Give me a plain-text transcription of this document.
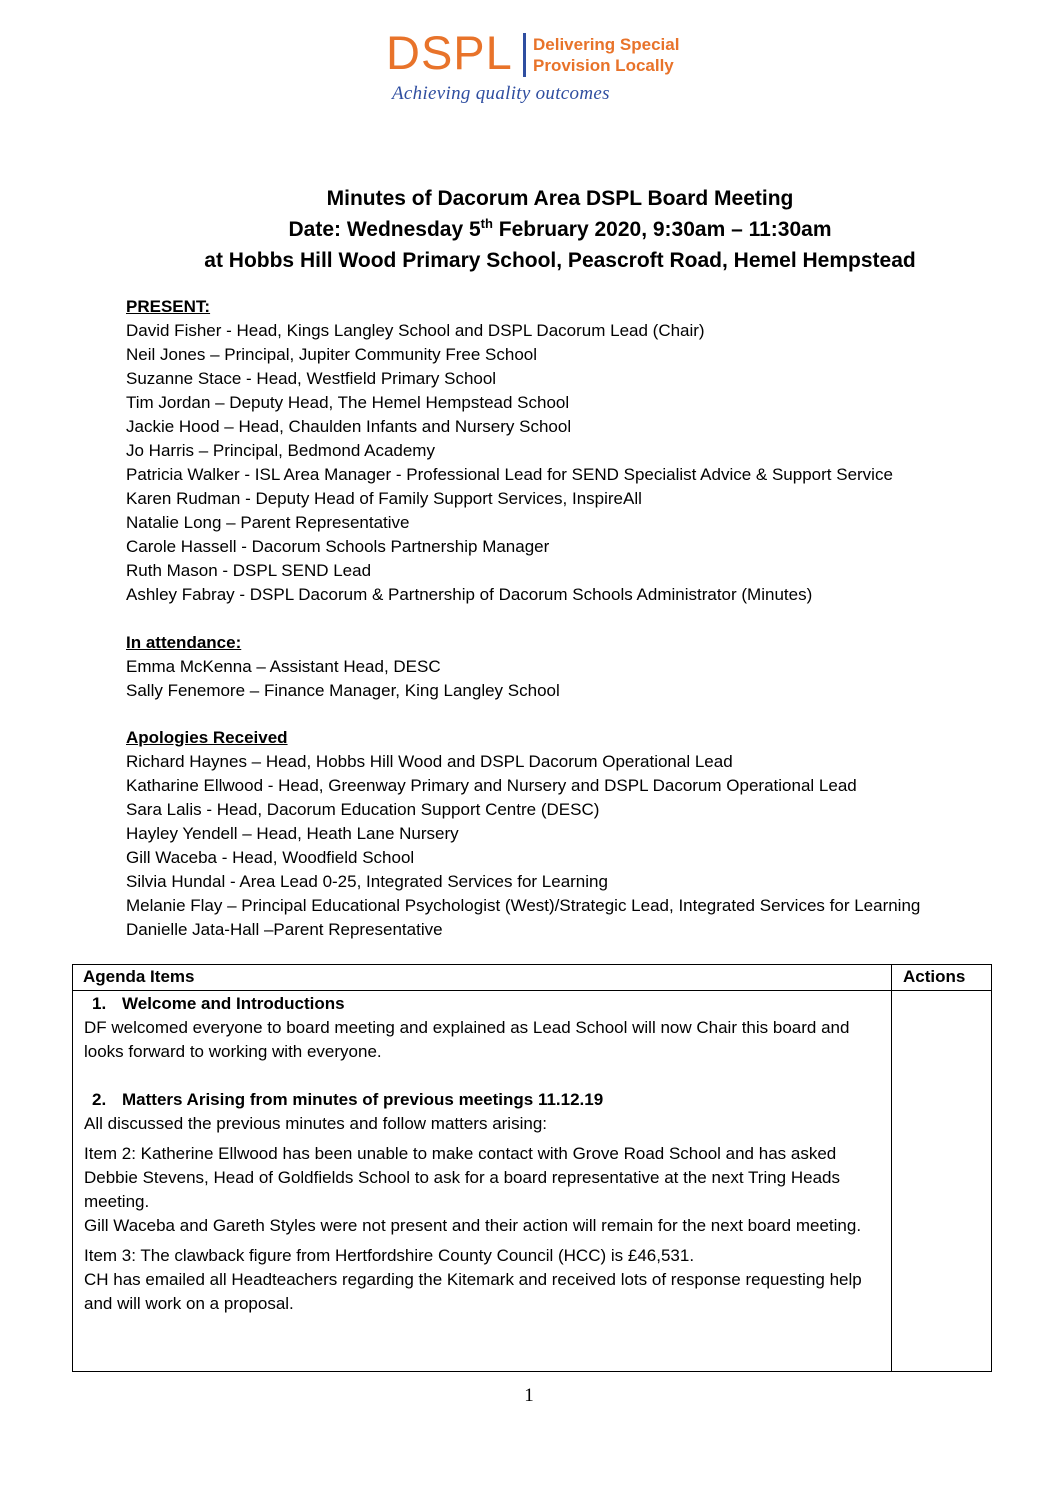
DSPL Delivering Special
Provision Locally
Achieving quality outcomes
Minutes of Dacorum Area DSPL Board Meeting
Date: Wednesday 5th February 2020, 9:30am – 11:30am
at Hobbs Hill Wood Primary School, Peascroft Road, Hemel Hempstead
PRESENT:
David Fisher - Head, Kings Langley School and DSPL Dacorum Lead (Chair)
Neil Jones – Principal, Jupiter Community Free School
Suzanne Stace - Head, Westfield Primary School
Tim Jordan – Deputy Head, The Hemel Hempstead School
Jackie Hood – Head, Chaulden Infants and Nursery School
Jo Harris – Principal, Bedmond Academy
Patricia Walker - ISL Area Manager - Professional Lead for SEND Specialist Advice & Support Service
Karen Rudman - Deputy Head of Family Support Services, InspireAll
Natalie Long – Parent Representative
Carole Hassell - Dacorum Schools Partnership Manager
Ruth Mason - DSPL SEND Lead
Ashley Fabray - DSPL Dacorum & Partnership of Dacorum Schools Administrator (Minutes)
In attendance:
Emma McKenna – Assistant Head, DESC
Sally Fenemore – Finance Manager, King Langley School
Apologies Received
Richard Haynes – Head, Hobbs Hill Wood and DSPL Dacorum Operational Lead
Katharine Ellwood - Head, Greenway Primary and Nursery and DSPL Dacorum Operational Lead
Sara Lalis - Head, Dacorum Education Support Centre (DESC)
Hayley Yendell – Head, Heath Lane Nursery
Gill Waceba - Head, Woodfield School
Silvia Hundal - Area Lead 0-25, Integrated Services for Learning
Melanie Flay – Principal Educational Psychologist (West)/Strategic Lead, Integrated Services for Learning
Danielle Jata-Hall –Parent Representative
Agenda Items	Actions
1. Welcome and Introductions

DF welcomed everyone to board meeting and explained as Lead School will now Chair this board and looks forward to working with everyone.

2. Matters Arising from minutes of previous meetings 11.12.19

All discussed the previous minutes and follow matters arising:

Item 2: Katherine Ellwood has been unable to make contact with Grove Road School and has asked Debbie Stevens, Head of Goldfields School to ask for a board representative at the next Tring Heads meeting.

Gill Waceba and Gareth Styles were not present and their action will remain for the next board meeting.

Item 3: The clawback figure from Hertfordshire County Council (HCC) is £46,531.

CH has emailed all Headteachers regarding the Kitemark and received lots of response requesting help and will work on a proposal.

1
